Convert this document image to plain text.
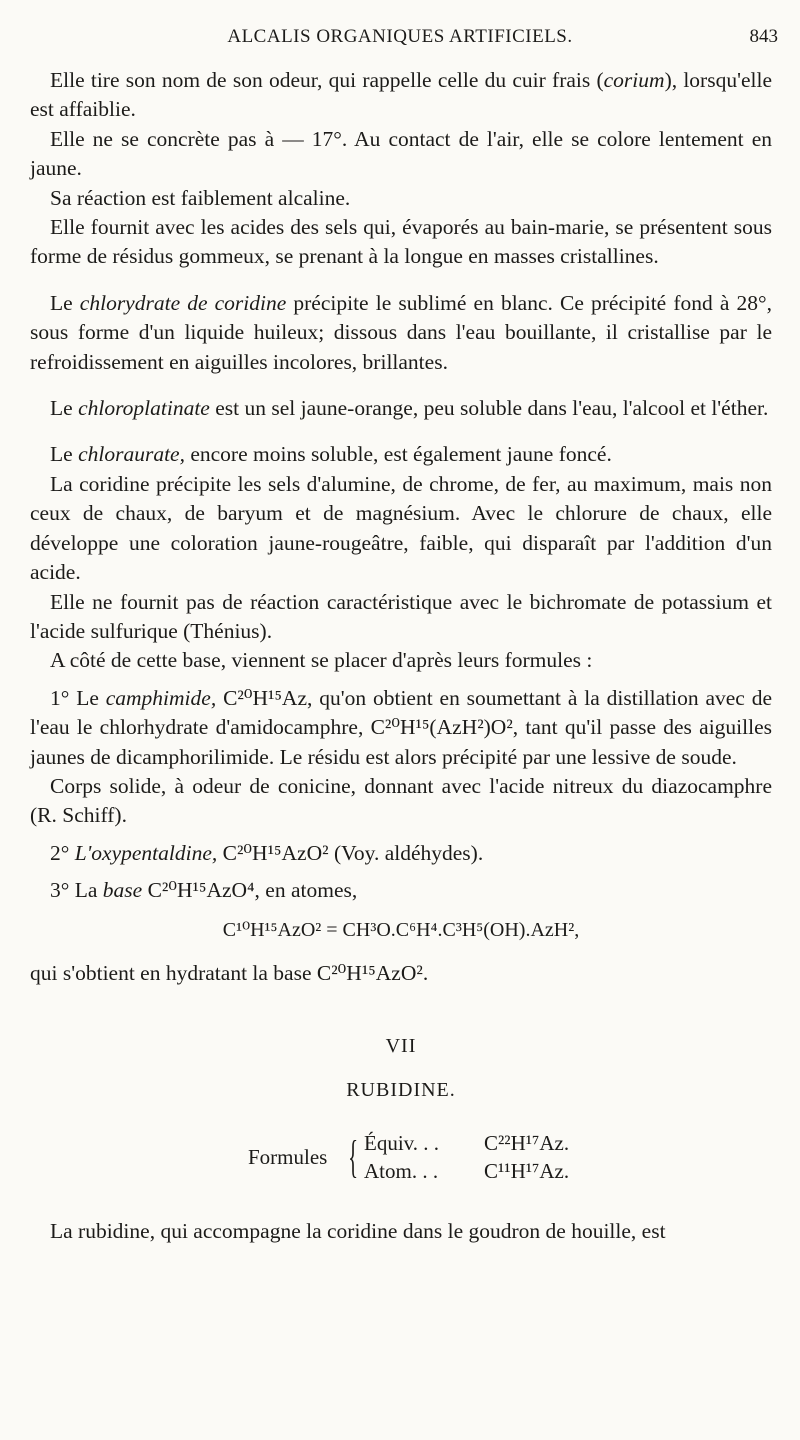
ALCALIS ORGANIQUES ARTIFICIELS.	843

Elle tire son nom de son odeur, qui rappelle celle du cuir frais (corium), lorsqu'elle est affaiblie.

Elle ne se concrète pas à — 17°. Au contact de l'air, elle se colore lentement en jaune.

Sa réaction est faiblement alcaline.

Elle fournit avec les acides des sels qui, évaporés au bain-marie, se présentent sous forme de résidus gommeux, se prenant à la longue en masses cristallines.

Le chlorydrate de coridine précipite le sublimé en blanc. Ce précipité fond à 28°, sous forme d'un liquide huileux; dissous dans l'eau bouillante, il cristallise par le refroidissement en aiguilles incolores, brillantes.

Le chloroplatinate est un sel jaune-orange, peu soluble dans l'eau, l'alcool et l'éther.

Le chloraurate, encore moins soluble, est également jaune foncé.

La coridine précipite les sels d'alumine, de chrome, de fer, au maximum, mais non ceux de chaux, de baryum et de magnésium. Avec le chlorure de chaux, elle développe une coloration jaune-rougeâtre, faible, qui disparaît par l'addition d'un acide.

Elle ne fournit pas de réaction caractéristique avec le bichromate de potassium et l'acide sulfurique (Thénius).

A côté de cette base, viennent se placer d'après leurs formules :

1° Le camphimide, C²⁰H¹⁵Az, qu'on obtient en soumettant à la distillation avec de l'eau le chlorhydrate d'amidocamphre, C²⁰H¹⁵(AzH²)O², tant qu'il passe des aiguilles jaunes de dicamphorilimide. Le résidu est alors précipité par une lessive de soude.

Corps solide, à odeur de conicine, donnant avec l'acide nitreux du diazocamphre (R. Schiff).

2° L'oxypentaldine, C²⁰H¹⁵AzO² (Voy. aldéhydes).

3° La base C²⁰H¹⁵AzO⁴, en atomes,

C¹⁰H¹⁵AzO² = CH³O.C⁶H⁴.C³H⁵(OH).AzH²,

qui s'obtient en hydratant la base C²⁰H¹⁵AzO².

VII
RUBIDINE.
Formules { Équiv. . . C²²H¹⁷Az.
Atom. . . C¹¹H¹⁷Az.

La rubidine, qui accompagne la coridine dans le goudron de houille, est
